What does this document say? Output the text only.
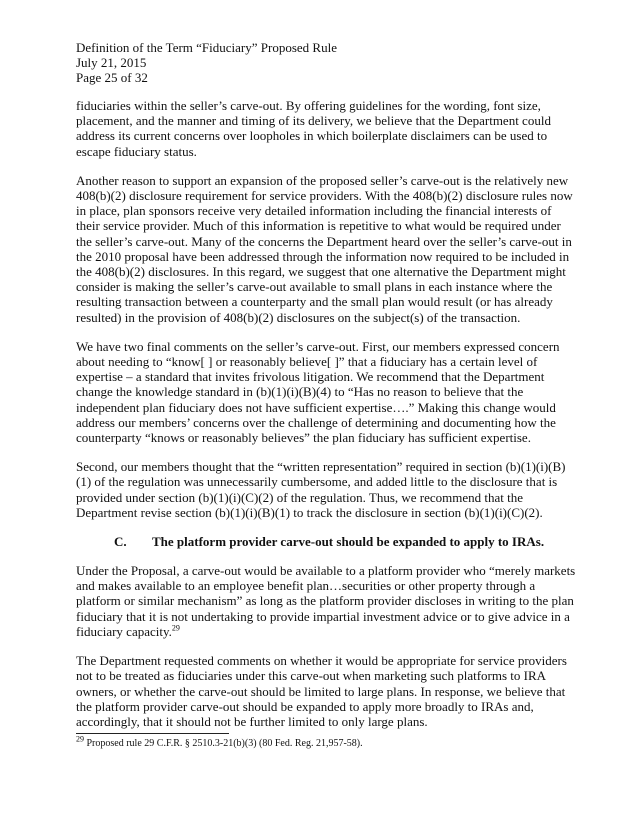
Definition of the Term “Fiduciary” Proposed Rule
July 21, 2015
Page 25 of 32

fiduciaries within the seller’s carve-out. By offering guidelines for the wording, font size, placement, and the manner and timing of its delivery, we believe that the Department could address its current concerns over loopholes in which boilerplate disclaimers can be used to escape fiduciary status.

Another reason to support an expansion of the proposed seller’s carve-out is the relatively new 408(b)(2) disclosure requirement for service providers. With the 408(b)(2) disclosure rules now in place, plan sponsors receive very detailed information including the financial interests of their service provider. Much of this information is repetitive to what would be required under the seller’s carve-out. Many of the concerns the Department heard over the seller’s carve-out in the 2010 proposal have been addressed through the information now required to be included in the 408(b)(2) disclosures. In this regard, we suggest that one alternative the Department might consider is making the seller’s carve-out available to small plans in each instance where the resulting transaction between a counterparty and the small plan would result (or has already resulted) in the provision of 408(b)(2) disclosures on the subject(s) of the transaction.

We have two final comments on the seller’s carve-out. First, our members expressed concern about needing to “know[ ] or reasonably believe[ ]” that a fiduciary has a certain level of expertise – a standard that invites frivolous litigation. We recommend that the Department change the knowledge standard in (b)(1)(i)(B)(4) to “Has no reason to believe that the independent plan fiduciary does not have sufficient expertise….” Making this change would address our members’ concerns over the challenge of determining and documenting how the counterparty “knows or reasonably believes” the plan fiduciary has sufficient expertise.

Second, our members thought that the “written representation” required in section (b)(1)(i)(B)(1) of the regulation was unnecessarily cumbersome, and added little to the disclosure that is provided under section (b)(1)(i)(C)(2) of the regulation. Thus, we recommend that the Department revise section (b)(1)(i)(B)(1) to track the disclosure in section (b)(1)(i)(C)(2).

C.	The platform provider carve-out should be expanded to apply to IRAs.

Under the Proposal, a carve-out would be available to a platform provider who “merely markets and makes available to an employee benefit plan…securities or other property through a platform or similar mechanism” as long as the platform provider discloses in writing to the plan fiduciary that it is not undertaking to provide impartial investment advice or to give advice in a fiduciary capacity.$^{29}$

The Department requested comments on whether it would be appropriate for service providers not to be treated as fiduciaries under this carve-out when marketing such platforms to IRA owners, or whether the carve-out should be limited to large plans. In response, we believe that the platform provider carve-out should be expanded to apply more broadly to IRAs and, accordingly, that it should not be further limited to only large plans.

$^{29}$ Proposed rule 29 C.F.R. § 2510.3-21(b)(3) (80 Fed. Reg. 21,957-58).
